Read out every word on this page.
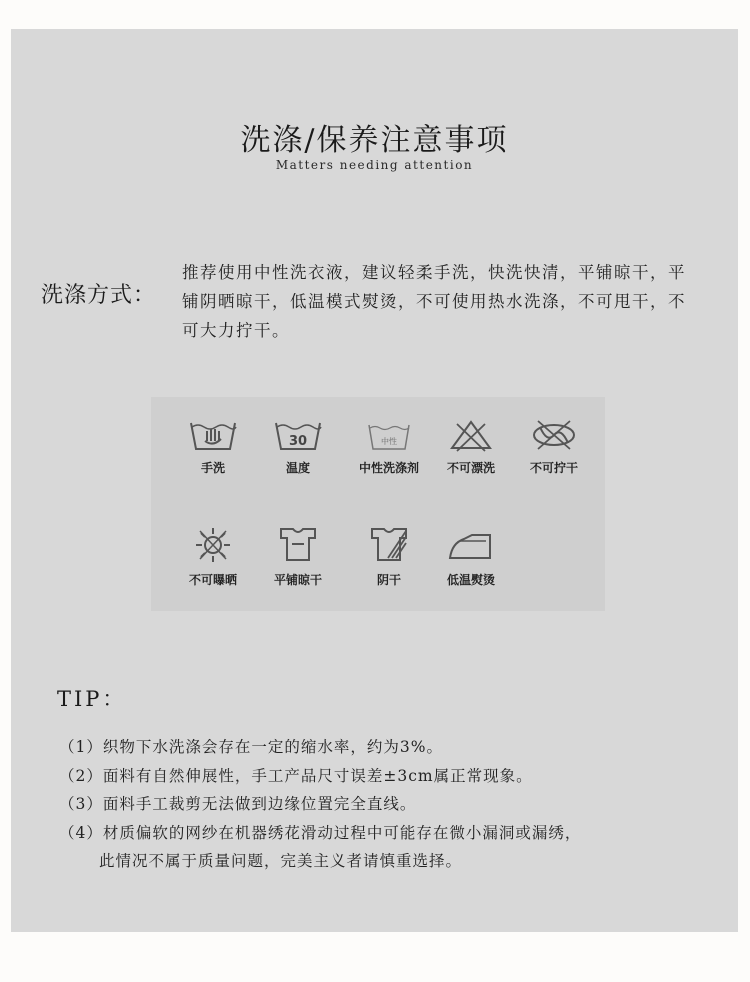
洗涤/保养注意事项
Matters needing attention
洗涤方式：
推荐使用中性洗衣液，建议轻柔手洗，快洗快清，平铺晾干，平铺阴晒晾干，低温模式熨烫，不可使用热水洗涤，不可甩干，不可大力拧干。
手洗
30
温度
中性
中性洗涤剂	不可漂洗	不可拧干
不可曝晒	平铺晾干	阴干	低温熨烫
TIP：
（1）织物下水洗涤会存在一定的缩水率，约为3%。
（2）面料有自然伸展性，手工产品尺寸误差±3cm属正常现象。
（3）面料手工裁剪无法做到边缘位置完全直线。
（4）材质偏软的网纱在机器绣花滑动过程中可能存在微小漏洞或漏绣，
此情况不属于质量问题，完美主义者请慎重选择。
